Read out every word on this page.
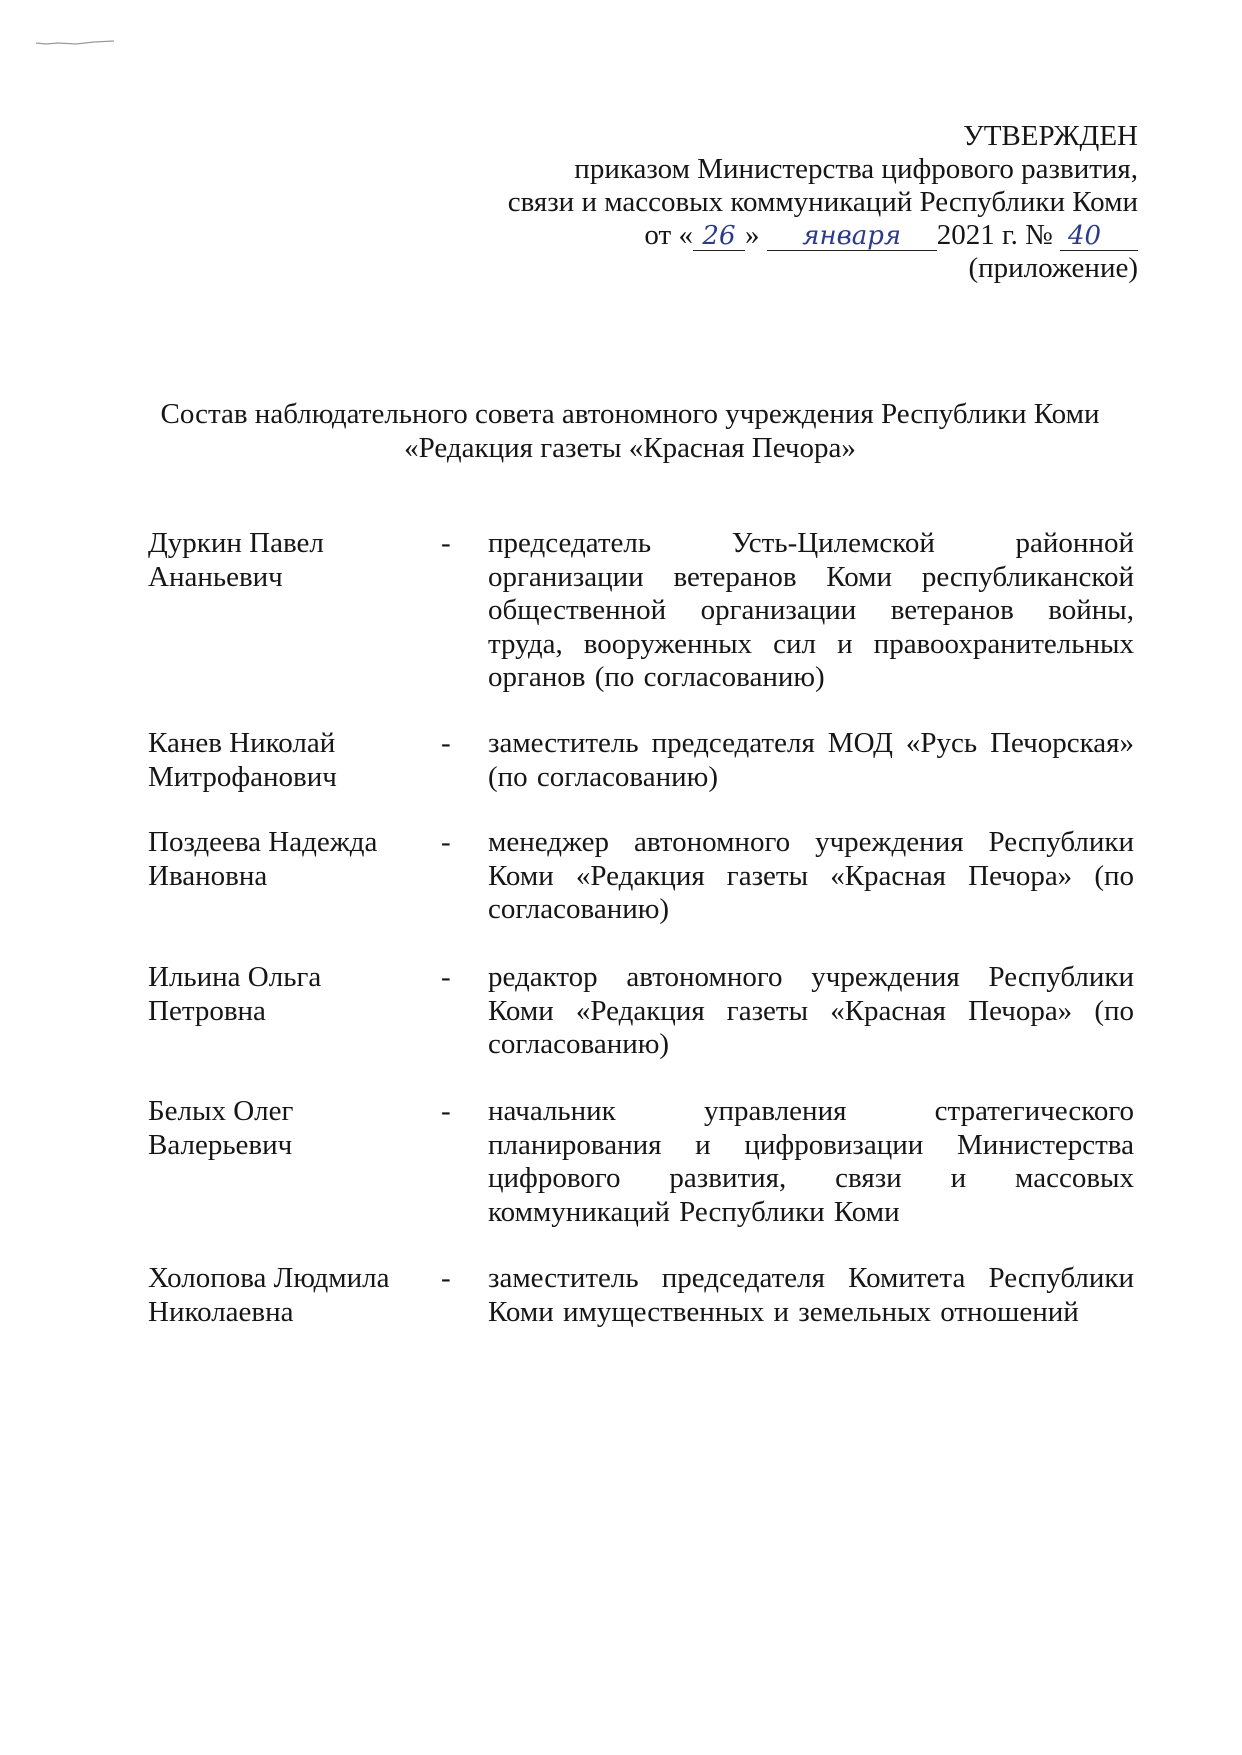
УТВЕРЖДЕН
приказом Министерства цифрового развития,
связи и массовых коммуникаций Республики Коми
от « 26 » января 2021 г. № 40
(приложение)
Состав наблюдательного совета автономного учреждения Республики Коми
«Редакция газеты «Красная Печора»
Дуркин Павел
Ананьевич
- председатель Усть-Цилемской районной организации ветеранов Коми республиканской общественной организации ветеранов войны, труда, вооруженных сил и правоохранительных органов (по согласованию)
Канев Николай
Митрофанович
- заместитель председателя МОД «Русь Печорская» (по согласованию)
Поздеева Надежда
Ивановна
- менеджер автономного учреждения Республики Коми «Редакция газеты «Красная Печора» (по согласованию)
Ильина Ольга
Петровна
- редактор автономного учреждения Республики Коми «Редакция газеты «Красная Печора» (по согласованию)
Белых Олег
Валерьевич
- начальник управления стратегического планирования и цифровизации Министерства цифрового развития, связи и массовых коммуникаций Республики Коми
Холопова Людмила
Николаевна
- заместитель председателя Комитета Республики Коми имущественных и земельных отношений
